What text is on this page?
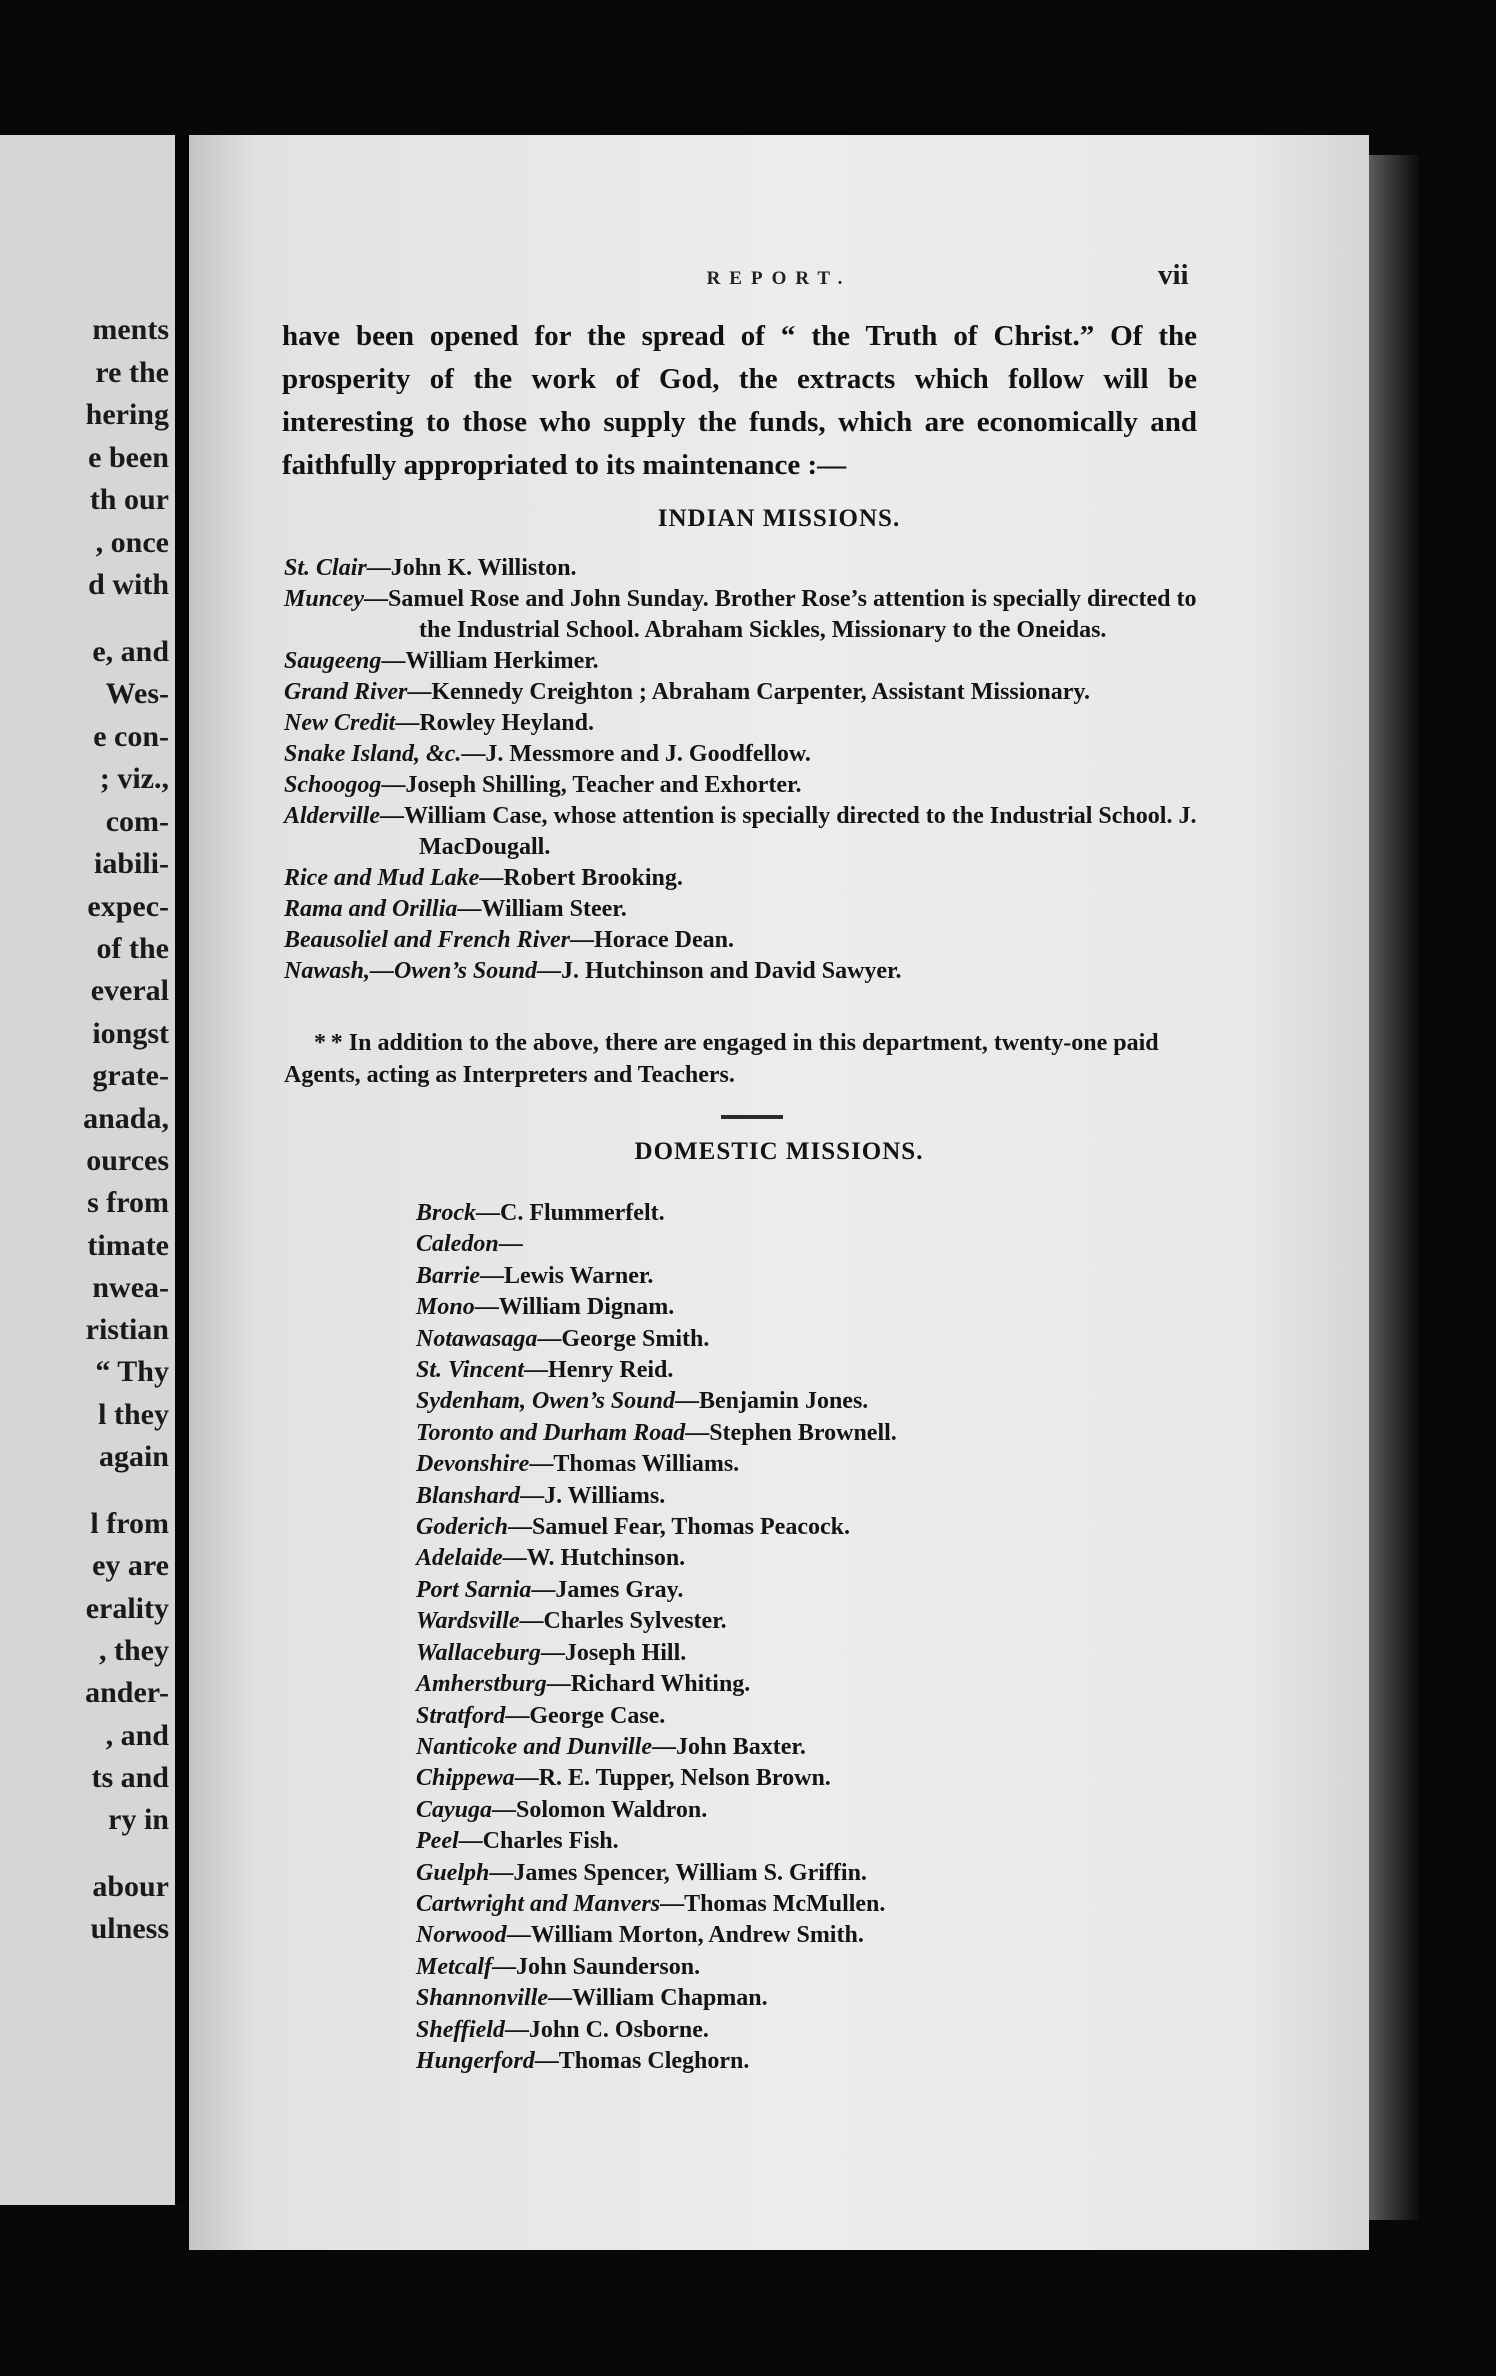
ments
re the
hering
e been
th our
, once
d with
e, and
Wes-
e con-
; viz.,
com-
iabili-
expec-
of the
everal
iongst
grate-
anada,
ources
s from
timate
nwea-
ristian
“ Thy
l they
again
l from
ey are
erality
, they
ander-
, and
ts and
ry in
abour
ulness
REPORT.	vii

have been opened for the spread of “ the Truth of Christ.” Of the prosperity of the work of God, the extracts which follow will be interesting to those who supply the funds, which are economically and faithfully appropriated to its maintenance :—

INDIAN MISSIONS.

St. Clair—John K. Williston.

Muncey—Samuel Rose and John Sunday. Brother Rose’s attention is specially directed to the Industrial School. Abraham Sickles, Missionary to the Oneidas.

Saugeeng—William Herkimer.

Grand River—Kennedy Creighton ; Abraham Carpenter, Assistant Missionary.

New Credit—Rowley Heyland.

Snake Island, &c.—J. Messmore and J. Goodfellow.

Schoogog—Joseph Shilling, Teacher and Exhorter.

Alderville—William Case, whose attention is specially directed to the Industrial School. J. MacDougall.

Rice and Mud Lake—Robert Brooking.

Rama and Orillia—William Steer.

Beausoliel and French River—Horace Dean.

Nawash,—Owen’s Sound—J. Hutchinson and David Sawyer.

* * In addition to the above, there are engaged in this department, twenty-one paid Agents, acting as Interpreters and Teachers.

DOMESTIC MISSIONS.

Brock—C. Flummerfelt.

Caledon—

Barrie—Lewis Warner.

Mono—William Dignam.

Notawasaga—George Smith.

St. Vincent—Henry Reid.

Sydenham, Owen’s Sound—Benjamin Jones.

Toronto and Durham Road—Stephen Brownell.

Devonshire—Thomas Williams.

Blanshard—J. Williams.

Goderich—Samuel Fear, Thomas Peacock.

Adelaide—W. Hutchinson.

Port Sarnia—James Gray.

Wardsville—Charles Sylvester.

Wallaceburg—Joseph Hill.

Amherstburg—Richard Whiting.

Stratford—George Case.

Nanticoke and Dunville—John Baxter.

Chippewa—R. E. Tupper, Nelson Brown.

Cayuga—Solomon Waldron.

Peel—Charles Fish.

Guelph—James Spencer, William S. Griffin.

Cartwright and Manvers—Thomas McMullen.

Norwood—William Morton, Andrew Smith.

Metcalf—John Saunderson.

Shannonville—William Chapman.

Sheffield—John C. Osborne.

Hungerford—Thomas Cleghorn.
